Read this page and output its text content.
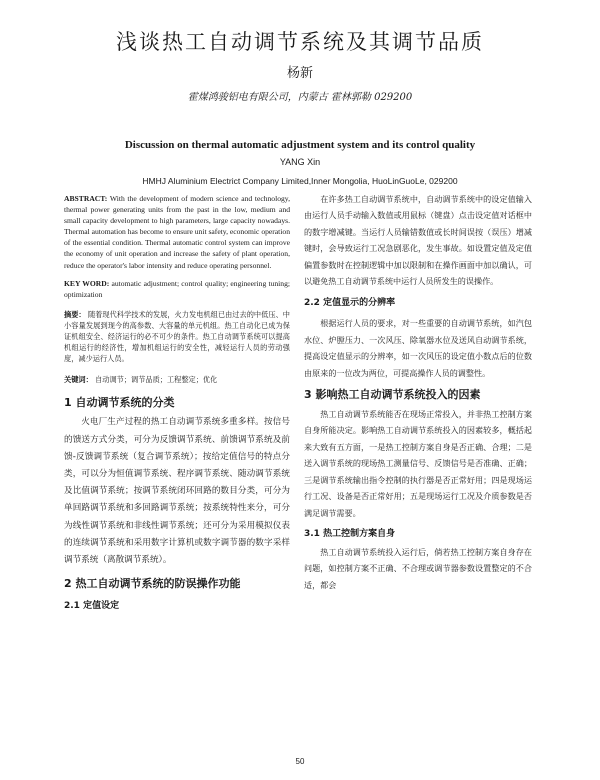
浅谈热工自动调节系统及其调节品质
杨新
霍煤鸿骏铝电有限公司，内蒙古 霍林郭勒 029200
Discussion on thermal automatic adjustment system and its control quality
YANG Xin
HMHJ Aluminium Electrict Company Limited,Inner Mongolia, HuoLinGuoLe, 029200

ABSTRACT: With the development of modern science and technology, thermal power generating units from the past in the low, medium and small capacity development to high parameters, large capacity nowadays. Thermal automation has become to ensure unit safety, economic operation of the essential condition. Thermal automatic control system can improve the economy of unit operation and increase the safety of plant operation, reduce the operator's labor intensity and reduce operating personnel.

KEY WORD: automatic adjustment; control quality; engineering tuning; optimization

摘要： 随着现代科学技术的发展，火力发电机组已由过去的中低压、中小容量发展到现今的高参数、大容量的单元机组。热工自动化已成为保证机组安全、经济运行的必不可少的条件。热工自动调节系统可以提高机组运行的经济性，增加机组运行的安全性，减轻运行人员的劳动强度，减少运行人员。

关键词： 自动调节；调节品质；工程整定；优化

1 自动调节系统的分类

火电厂生产过程的热工自动调节系统多重多样。按信号的馈送方式分类，可分为反馈调节系统、前馈调节系统及前馈-反馈调节系统（复合调节系统）；按给定值信号的特点分类，可以分为恒值调节系统、程序调节系统、随动调节系统及比值调节系统；按调节系统闭环回路的数目分类，可分为单回路调节系统和多回路调节系统；按系统特性来分，可分为线性调节系统和非线性调节系统；还可分为采用模拟仪表的连续调节系统和采用数字计算机或数字调节器的数字采样调节系统（离散调节系统）。

2 热工自动调节系统的防误操作功能

2.1 定值设定

在许多热工自动调节系统中，自动调节系统中的设定值输入由运行人员手动输入数值或用鼠标（键盘）点击设定值对话框中的数字增减键。当运行人员输错数值或长时间误按（误压）增减键时，会导致运行工况急剧恶化，发生事故。如设置定值及定值偏置参数时在控制逻辑中加以限制和在操作画面中加以确认，可以避免热工自动调节系统中运行人员所发生的误操作。

2.2 定值显示的分辨率

根据运行人员的要求，对一些重要的自动调节系统，如汽包水位、炉膛压力、一次风压、除氧器水位及送风自动调节系统，提高设定值显示的分辨率，如一次风压的设定值小数点后的位数由原来的一位改为两位，可提高操作人员的调整性。

3 影响热工自动调节系统投入的因素

热工自动调节系统能否在现场正常投入，并非热工控制方案自身所能决定。影响热工自动调节系统投入的因素较多，概括起来大致有五方面，一是热工控制方案自身是否正确、合理；二是送入调节系统的现场热工测量信号、反馈信号是否准确、正确；三是调节系统输出指令控制的执行器是否正常好用；四是现场运行工况、设备是否正常好用；五是现场运行工况及介质参数是否满足调节需要。

3.1 热工控制方案自身

热工自动调节系统投入运行后，倘若热工控制方案自身存在问题，如控制方案不正确、不合理或调节器参数设置整定的不合适，都会

50
